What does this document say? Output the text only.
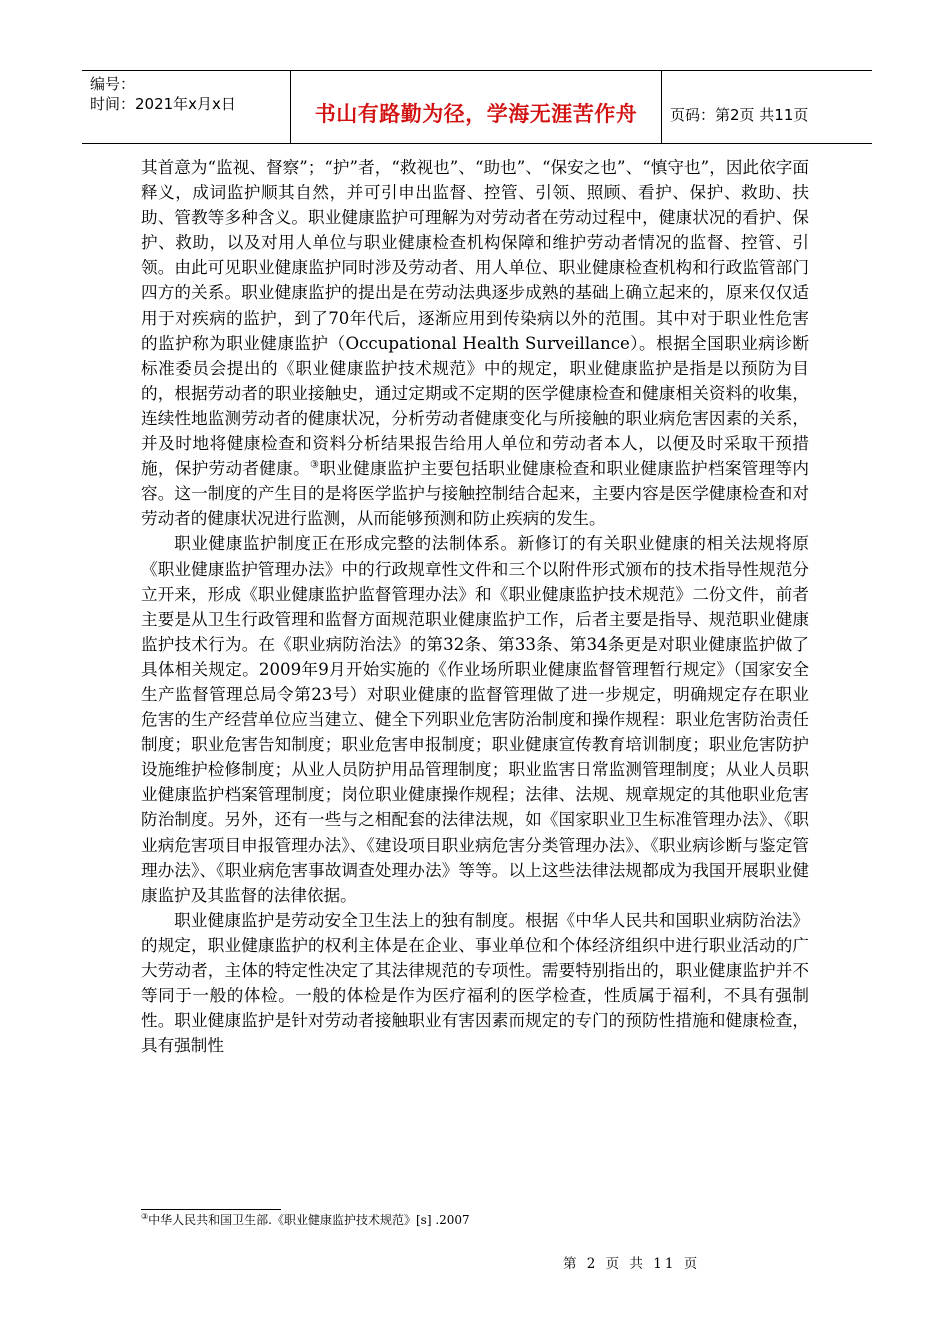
编号：
时间：2021年x月x日	书山有路勤为径，学海无涯苦作舟 页码：第2页 共11页

其首意为“监视、督察”；“护”者，“救视也”、“助也”、“保安之也”、“慎守也”，因此依字面释义，成词监护顺其自然，并可引申出监督、控管、引领、照顾、看护、保护、救助、扶助、管教等多种含义。职业健康监护可理解为对劳动者在劳动过程中，健康状况的看护、保护、救助，以及对用人单位与职业健康检查机构保障和维护劳动者情况的监督、控管、引领。由此可见职业健康监护同时涉及劳动者、用人单位、职业健康检查机构和行政监管部门四方的关系。职业健康监护的提出是在劳动法典逐步成熟的基础上确立起来的，原来仅仅适用于对疾病的监护，到了70年代后，逐渐应用到传染病以外的范围。其中对于职业性危害的监护称为职业健康监护（Occupational Health Surveillance）。根据全国职业病诊断标准委员会提出的《职业健康监护技术规范》中的规定，职业健康监护是指是以预防为目的，根据劳动者的职业接触史，通过定期或不定期的医学健康检查和健康相关资料的收集，连续性地监测劳动者的健康状况，分析劳动者健康变化与所接触的职业病危害因素的关系，并及时地将健康检查和资料分析结果报告给用人单位和劳动者本人，以便及时采取干预措施，保护劳动者健康。③职业健康监护主要包括职业健康检查和职业健康监护档案管理等内容。这一制度的产生目的是将医学监护与接触控制结合起来，主要内容是医学健康检查和对劳动者的健康状况进行监测，从而能够预测和防止疾病的发生。

职业健康监护制度正在形成完整的法制体系。新修订的有关职业健康的相关法规将原《职业健康监护管理办法》中的行政规章性文件和三个以附件形式颁布的技术指导性规范分立开来，形成《职业健康监护监督管理办法》和《职业健康监护技术规范》二份文件，前者主要是从卫生行政管理和监督方面规范职业健康监护工作，后者主要是指导、规范职业健康监护技术行为。在《职业病防治法》的第32条、第33条、第34条更是对职业健康监护做了具体相关规定。2009年9月开始实施的《作业场所职业健康监督管理暂行规定》（国家安全生产监督管理总局令第23号）对职业健康的监督管理做了进一步规定，明确规定存在职业危害的生产经营单位应当建立、健全下列职业危害防治制度和操作规程：职业危害防治责任制度；职业危害告知制度；职业危害申报制度；职业健康宣传教育培训制度；职业危害防护设施维护检修制度；从业人员防护用品管理制度；职业监害日常监测管理制度；从业人员职业健康监护档案管理制度；岗位职业健康操作规程；法律、法规、规章规定的其他职业危害防治制度。另外，还有一些与之相配套的法律法规，如《国家职业卫生标准管理办法》、《职业病危害项目申报管理办法》、《建设项目职业病危害分类管理办法》、《职业病诊断与鉴定管理办法》、《职业病危害事故调查处理办法》等等。以上这些法律法规都成为我国开展职业健康监护及其监督的法律依据。

职业健康监护是劳动安全卫生法上的独有制度。根据《中华人民共和国职业病防治法》的规定，职业健康监护的权利主体是在企业、事业单位和个体经济组织中进行职业活动的广大劳动者，主体的特定性决定了其法律规范的专项性。需要特别指出的，职业健康监护并不等同于一般的体检。一般的体检是作为医疗福利的医学检查，性质属于福利，不具有强制性。职业健康监护是针对劳动者接触职业有害因素而规定的专门的预防性措施和健康检查，具有强制性

③中华人民共和国卫生部.《职业健康监护技术规范》[s] .2007
第 2 页 共 11 页
